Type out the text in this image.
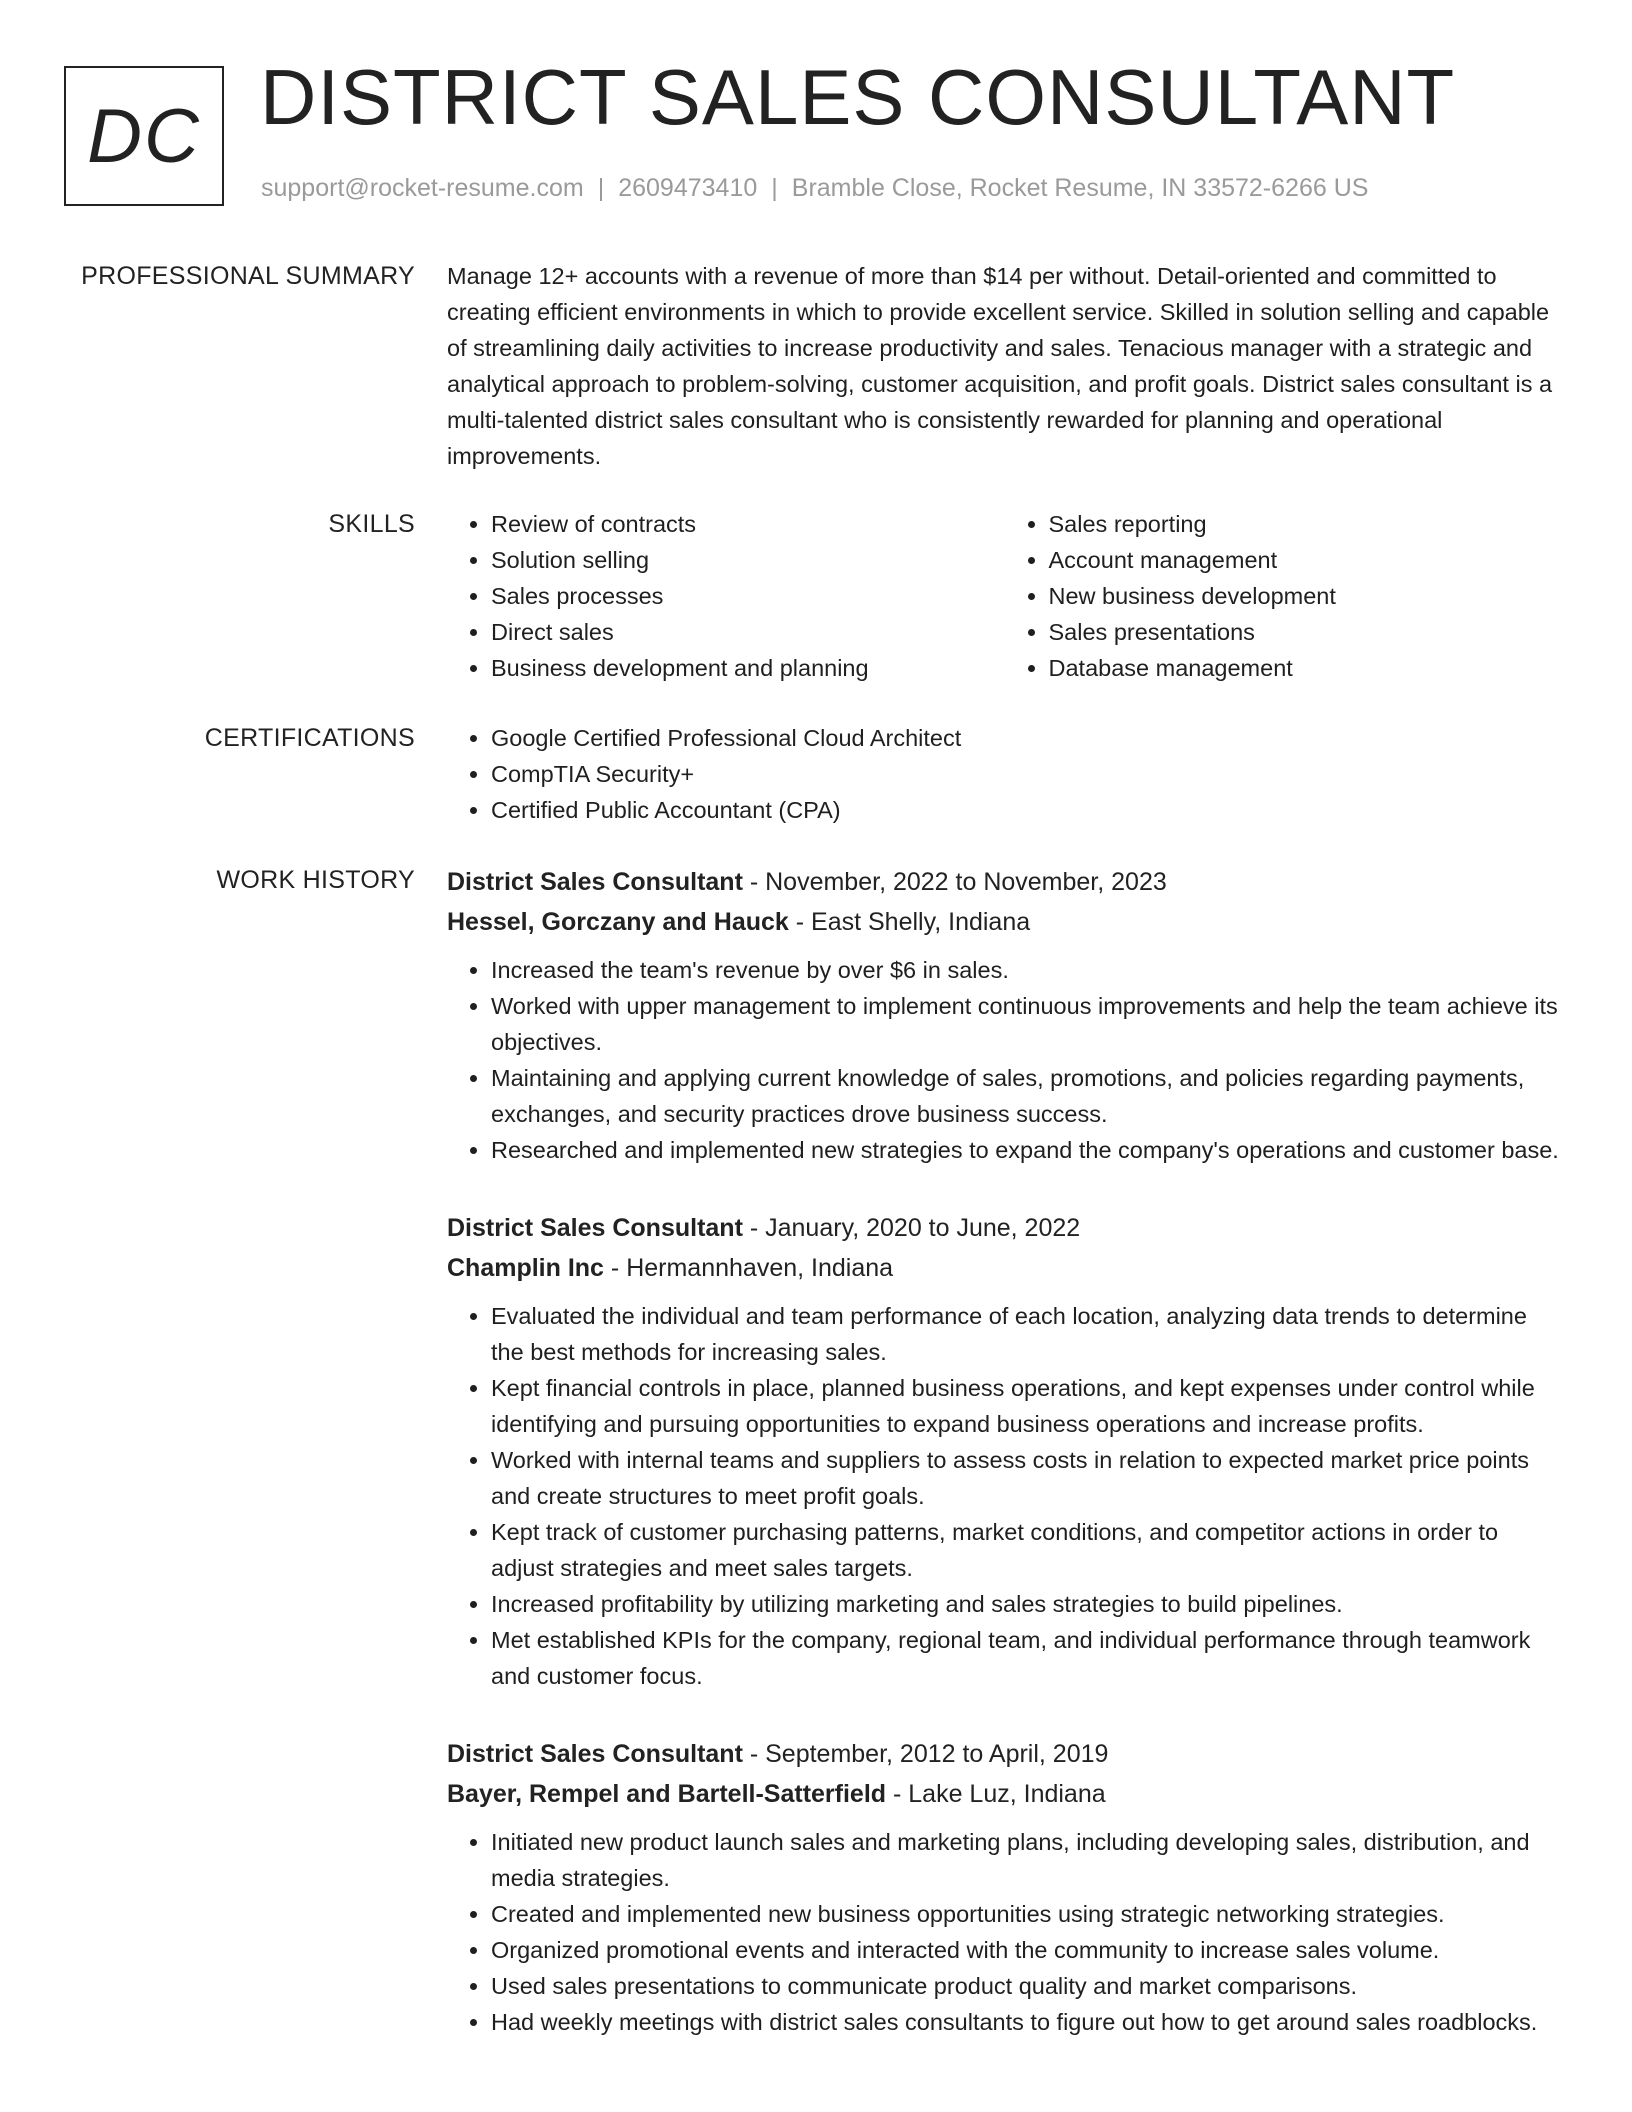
DC DISTRICT SALES CONSULTANT
support@rocket-resume.com | 2609473410 | Bramble Close, Rocket Resume, IN 33572-6266 US
PROFESSIONAL SUMMARY Manage 12+ accounts with a revenue of more than $14 per without. Detail-oriented and committed to creating efficient environments in which to provide excellent service. Skilled in solution selling and capable of streamlining daily activities to increase productivity and sales. Tenacious manager with a strategic and analytical approach to problem-solving, customer acquisition, and profit goals. District sales consultant is a multi-talented district sales consultant who is consistently rewarded for planning and operational improvements.

SKILLS	• Review of contracts
• Solution selling
• Sales processes
• Direct sales
• Business development and planning
• Sales reporting
• Account management
• New business development
• Sales presentations
• Database management
CERTIFICATIONS	• Google Certified Professional Cloud Architect
• CompTIA Security+
• Certified Public Accountant (CPA)
WORK HISTORY District Sales Consultant - November, 2022 to November, 2023
Hessel, Gorczany and Hauck - East Shelly, Indiana
• Increased the team's revenue by over $6 in sales.
• Worked with upper management to implement continuous improvements and help the team achieve its objectives.
• Maintaining and applying current knowledge of sales, promotions, and policies regarding payments, exchanges, and security practices drove business success.
• Researched and implemented new strategies to expand the company's operations and customer base.
District Sales Consultant - January, 2020 to June, 2022
Champlin Inc - Hermannhaven, Indiana
• Evaluated the individual and team performance of each location, analyzing data trends to determine the best methods for increasing sales.
• Kept financial controls in place, planned business operations, and kept expenses under control while identifying and pursuing opportunities to expand business operations and increase profits.
• Worked with internal teams and suppliers to assess costs in relation to expected market price points and create structures to meet profit goals.
• Kept track of customer purchasing patterns, market conditions, and competitor actions in order to adjust strategies and meet sales targets.
• Increased profitability by utilizing marketing and sales strategies to build pipelines.
• Met established KPIs for the company, regional team, and individual performance through teamwork and customer focus.
District Sales Consultant - September, 2012 to April, 2019
Bayer, Rempel and Bartell-Satterfield - Lake Luz, Indiana
• Initiated new product launch sales and marketing plans, including developing sales, distribution, and media strategies.
• Created and implemented new business opportunities using strategic networking strategies.
• Organized promotional events and interacted with the community to increase sales volume.
• Used sales presentations to communicate product quality and market comparisons.
• Had weekly meetings with district sales consultants to figure out how to get around sales roadblocks.
